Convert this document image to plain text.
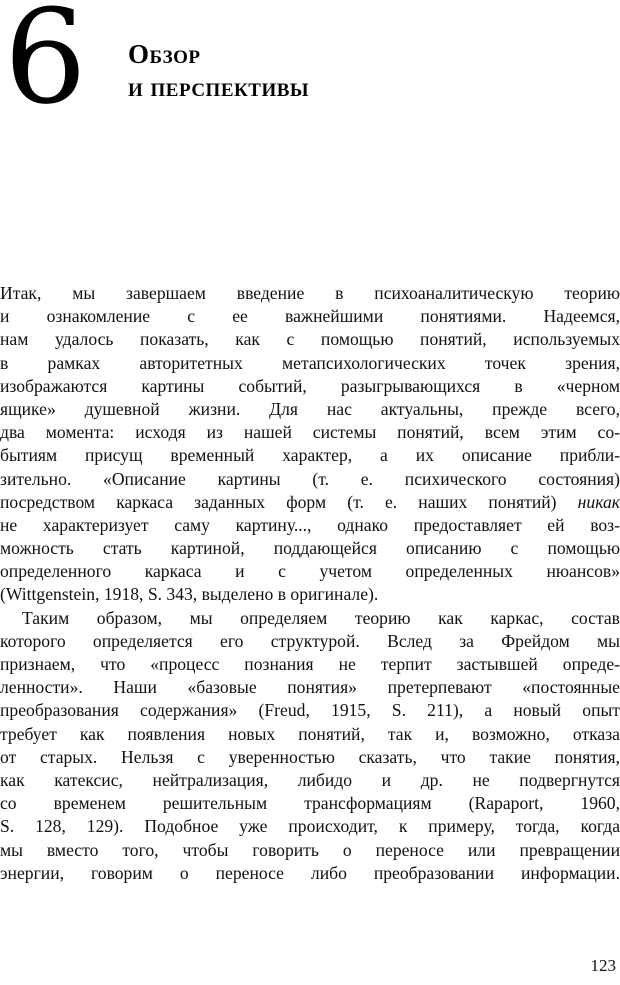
6 Обзор
и перспективы
Итак, мы завершаем введение в психоаналитическую теорию
и ознакомление с ее важнейшими понятиями. Надеемся,
нам удалось показать, как с помощью понятий, используемых
в рамках авторитетных метапсихологических точек зрения,
изображаются картины событий, разыгрывающихся в «черном
ящике» душевной жизни. Для нас актуальны, прежде всего,
два момента: исходя из нашей системы понятий, всем этим со-
бытиям присущ временный характер, а их описание прибли-
зительно. «Описание картины (т. е. психического состояния)
посредством каркаса заданных форм (т. е. наших понятий) никак
не характеризует саму картину..., однако предоставляет ей воз-
можность стать картиной, поддающейся описанию с помощью
определенного каркаса и с учетом определенных нюансов»
(Wittgenstein, 1918, S. 343, выделено в оригинале).
Таким образом, мы определяем теорию как каркас, состав
которого определяется его структурой. Вслед за Фрейдом мы
признаем, что «процесс познания не терпит застывшей опреде-
ленности». Наши «базовые понятия» претерпевают «постоянные
преобразования содержания» (Freud, 1915, S. 211), а новый опыт
требует как появления новых понятий, так и, возможно, отказа
от старых. Нельзя с уверенностью сказать, что такие понятия,
как катексис, нейтрализация, либидо и др. не подвергнутся
со временем решительным трансформациям (Rapaport, 1960,
S. 128, 129). Подобное уже происходит, к примеру, тогда, когда
мы вместо того, чтобы говорить о переносе или превращении
энергии, говорим о переносе либо преобразовании информации.
123
